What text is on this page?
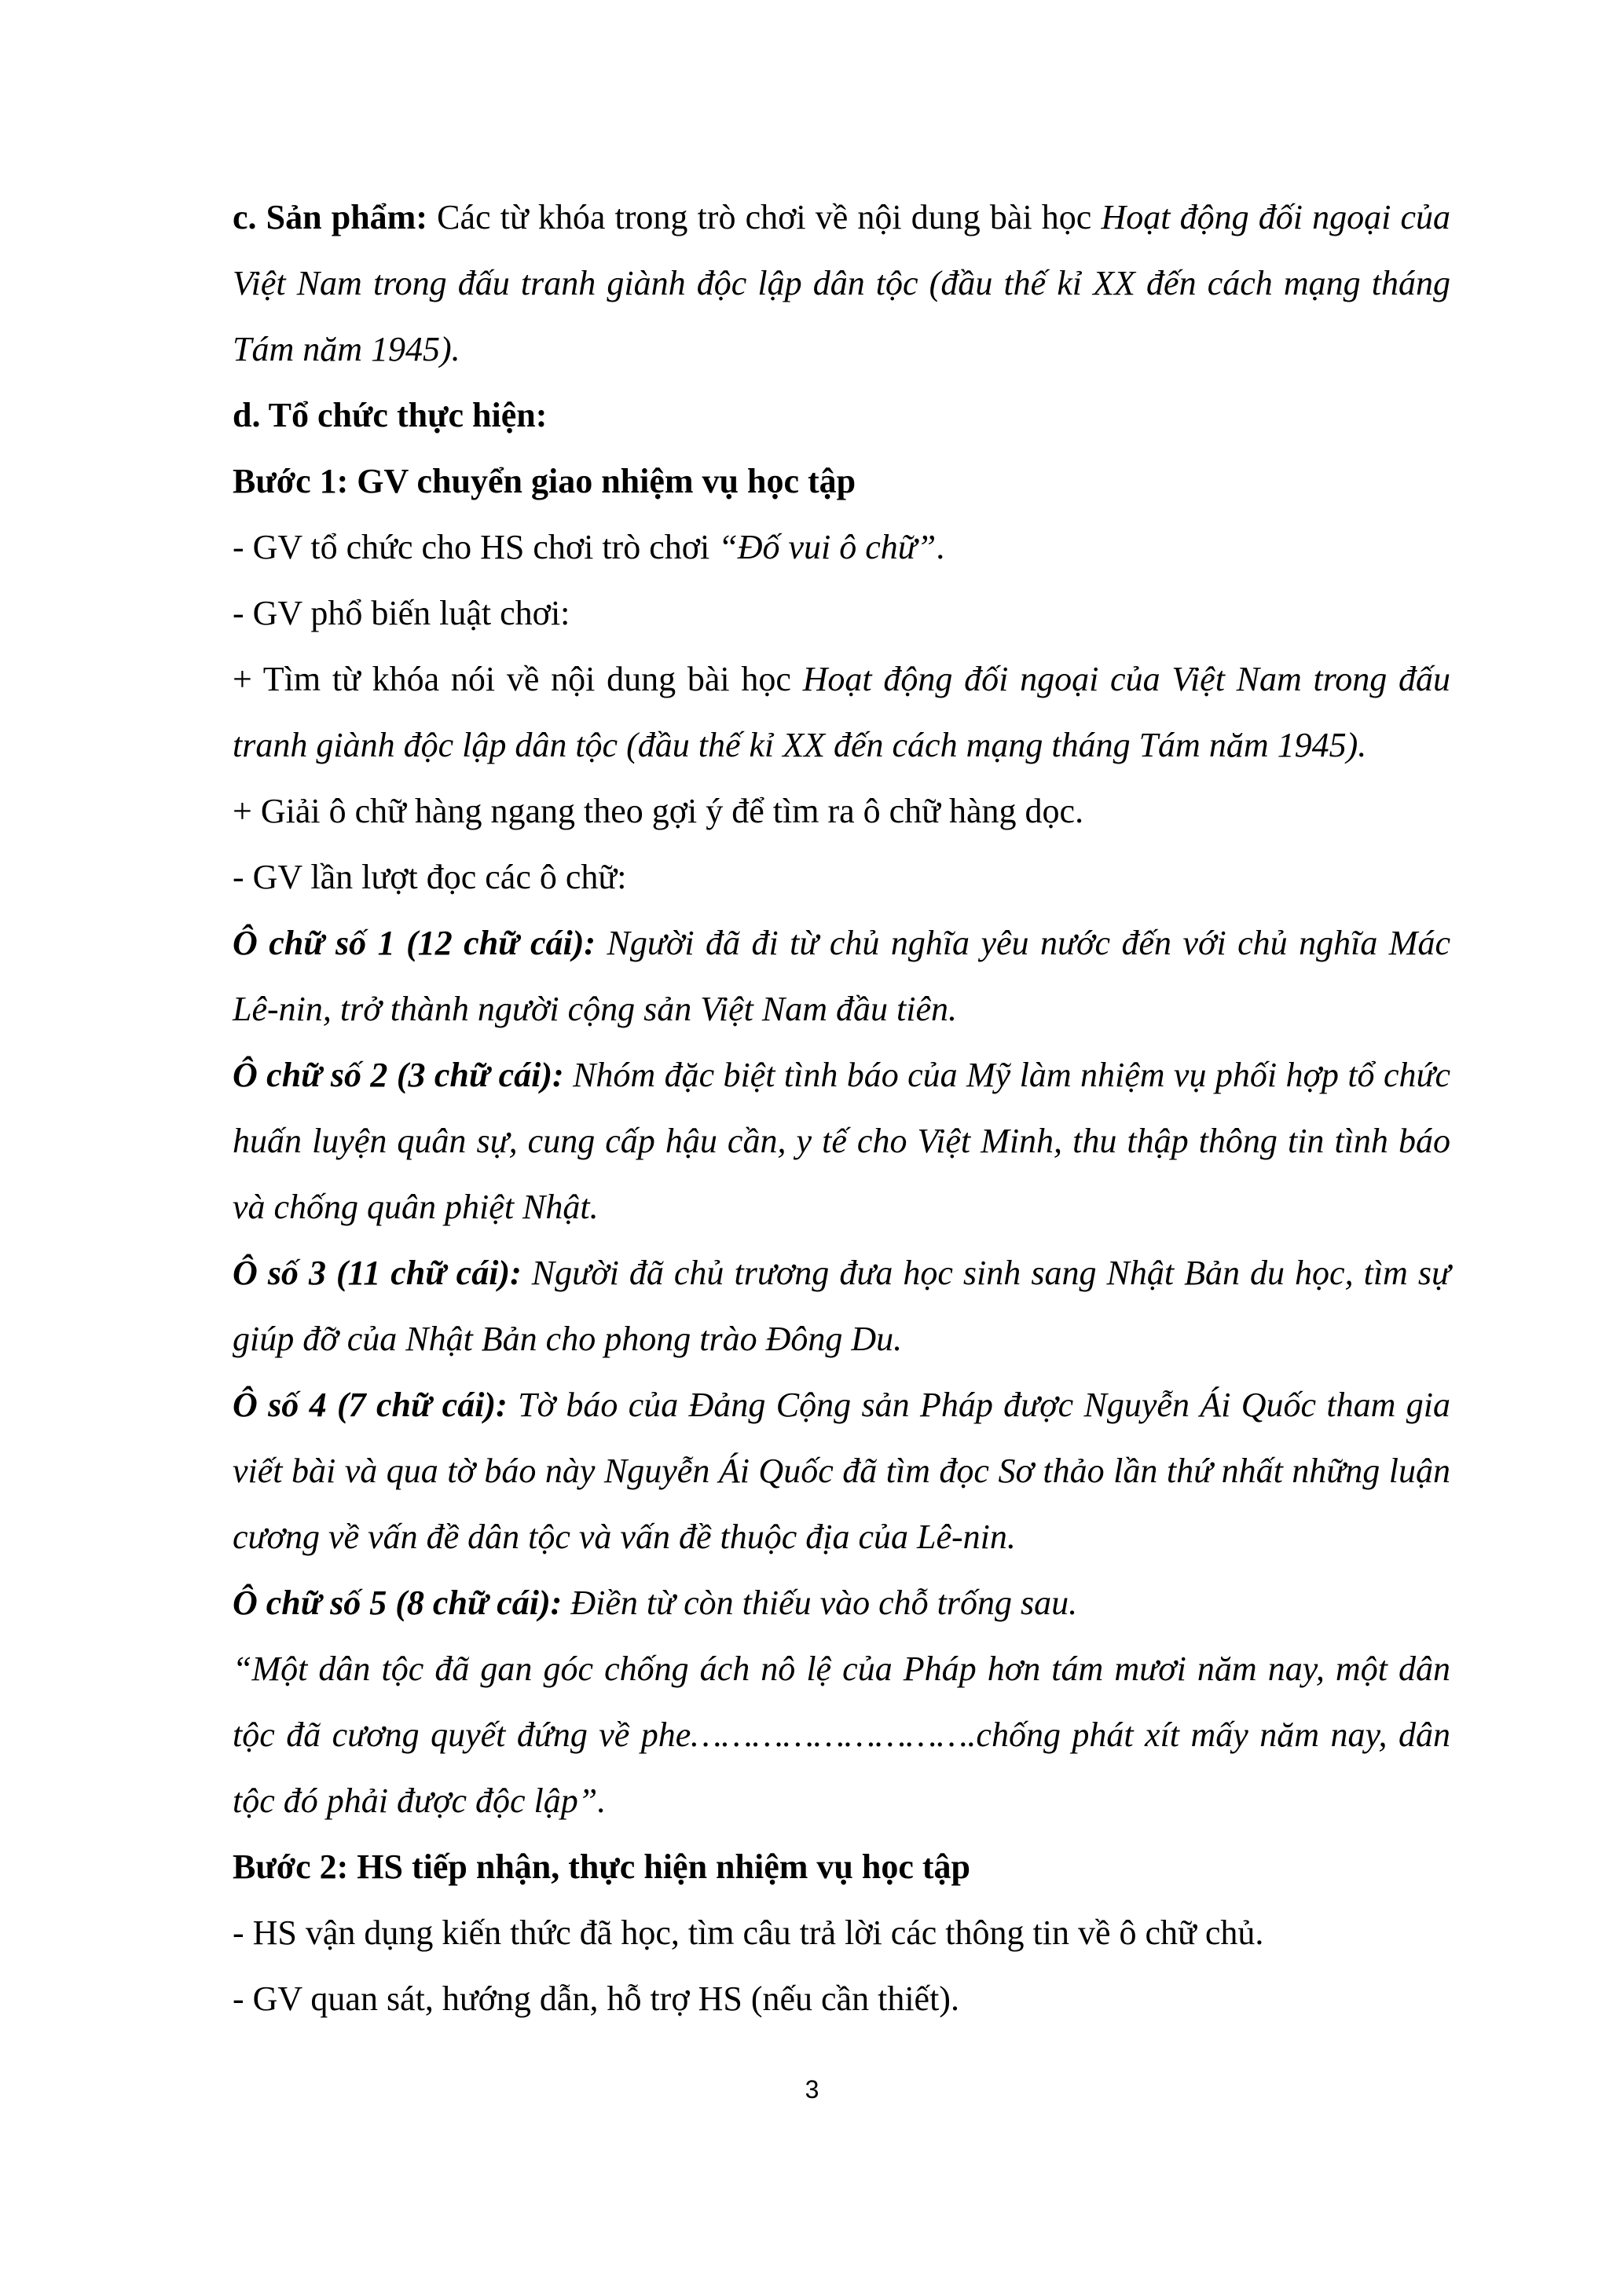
c. Sản phẩm: Các từ khóa trong trò chơi về nội dung bài học Hoạt động đối ngoại của Việt Nam trong đấu tranh giành độc lập dân tộc (đầu thế kỉ XX đến cách mạng tháng Tám năm 1945).

d. Tổ chức thực hiện:

Bước 1: GV chuyển giao nhiệm vụ học tập

- GV tổ chức cho HS chơi trò chơi “Đố vui ô chữ”.

- GV phổ biến luật chơi:

+ Tìm từ khóa nói về nội dung bài học Hoạt động đối ngoại của Việt Nam trong đấu tranh giành độc lập dân tộc (đầu thế kỉ XX đến cách mạng tháng Tám năm 1945).

+ Giải ô chữ hàng ngang theo gợi ý để tìm ra ô chữ hàng dọc.

- GV lần lượt đọc các ô chữ:

Ô chữ số 1 (12 chữ cái): Người đã đi từ chủ nghĩa yêu nước đến với chủ nghĩa Mác Lê-nin, trở thành người cộng sản Việt Nam đầu tiên.

Ô chữ số 2 (3 chữ cái): Nhóm đặc biệt tình báo của Mỹ làm nhiệm vụ phối hợp tổ chức huấn luyện quân sự, cung cấp hậu cần, y tế cho Việt Minh, thu thập thông tin tình báo và chống quân phiệt Nhật.

Ô số 3 (11 chữ cái): Người đã chủ trương đưa học sinh sang Nhật Bản du học, tìm sự giúp đỡ của Nhật Bản cho phong trào Đông Du.

Ô số 4 (7 chữ cái): Tờ báo của Đảng Cộng sản Pháp được Nguyễn Ái Quốc tham gia viết bài và qua tờ báo này Nguyễn Ái Quốc đã tìm đọc Sơ thảo lần thứ nhất những luận cương về vấn đề dân tộc và vấn đề thuộc địa của Lê-nin.

Ô chữ số 5 (8 chữ cái): Điền từ còn thiếu vào chỗ trống sau.

“Một dân tộc đã gan góc chống ách nô lệ của Pháp hơn tám mươi năm nay, một dân tộc đã cương quyết đứng về phe……………………….chống phát xít mấy năm nay, dân tộc đó phải được độc lập”.

Bước 2: HS tiếp nhận, thực hiện nhiệm vụ học tập

- HS vận dụng kiến thức đã học, tìm câu trả lời các thông tin về ô chữ chủ.

- GV quan sát, hướng dẫn, hỗ trợ HS (nếu cần thiết).

3
